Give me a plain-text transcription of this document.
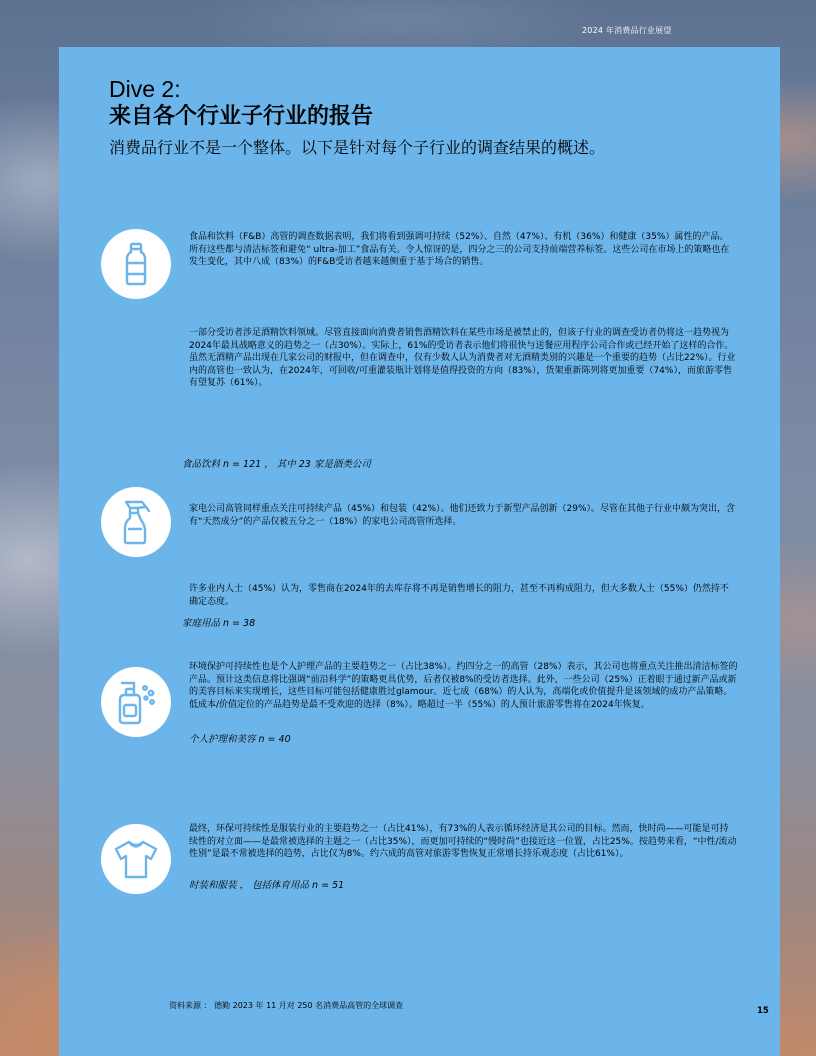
2024 年消费品行业展望
Dive 2:
来自各个行业子行业的报告
消费品行业不是一个整体。以下是针对每个子行业的调查结果的概述。
食品和饮料（F&B）高管的调查数据表明，我们将看到强调可持续（52%）、自然（47%）、有机（36%）和健康（35%）属性的产品。所有这些都与清洁标签和避免“ ultra-加工”食品有关。令人惊讶的是，四分之三的公司支持前端营养标签。这些公司在市场上的策略也在发生变化，其中八成（83%）的F&B受访者越来越侧重于基于场合的销售。
一部分受访者涉足酒精饮料领域。尽管直接面向消费者销售酒精饮料在某些市场是被禁止的，但该子行业的调查受访者仍将这一趋势视为2024年最具战略意义的趋势之一（占30%）。实际上，61%的受访者表示他们将很快与送餐应用程序公司合作或已经开始了这样的合作。虽然无酒精产品出现在几家公司的财报中，但在调查中，仅有少数人认为消费者对无酒精类别的兴趣是一个重要的趋势（占比22%）。行业内的高管也一致认为，在2024年，可回收/可重灌装瓶计划将是值得投资的方向（83%），货架重新陈列将更加重要（74%），而旅游零售有望复苏（61%）。
食品饮料 n = 121 ， 其中 23 家是酒类公司
家电公司高管同样重点关注可持续产品（45%）和包装（42%）。他们还致力于新型产品创新（29%）。尽管在其他子行业中颇为突出，含有“天然成分”的产品仅被五分之一（18%）的家电公司高管所选择。
许多业内人士（45%）认为，零售商在2024年的去库存将不再是销售增长的阻力，甚至不再构成阻力，但大多数人士（55%）仍然持不确定态度。
家庭用品 n = 38
环境保护可持续性也是个人护理产品的主要趋势之一（占比38%）。约四分之一的高管（28%）表示，其公司也将重点关注推出清洁标签的产品。预计这类信息将比强调“前沿科学”的策略更具优势，后者仅被8%的受访者选择。此外，一些公司（25%）正着眼于通过新产品或新的美容目标来实现增长，这些目标可能包括健康胜过glamour。近七成（68%）的人认为，高端化或价值提升是该领域的成功产品策略。低成本/价值定位的产品趋势是最不受欢迎的选择（8%）。略超过一半（55%）的人预计旅游零售将在2024年恢复。
个人护理和美容 n = 40
最终，环保可持续性是服装行业的主要趋势之一（占比41%），有73%的人表示循环经济是其公司的目标。然而，快时尚——可能是可持续性的对立面——是最常被选择的主题之一（占比35%），而更加可持续的“慢时尚”也接近这一位置，占比25%。按趋势来看，“中性/流动性别”是最不常被选择的趋势，占比仅为8%。约六成的高管对旅游零售恢复正常增长持乐观态度（占比61%）。
时装和服装 ， 包括体育用品 n = 51
资料来源 ： 德勤 2023 年 11 月对 250 名消费品高管的全球调查
15
